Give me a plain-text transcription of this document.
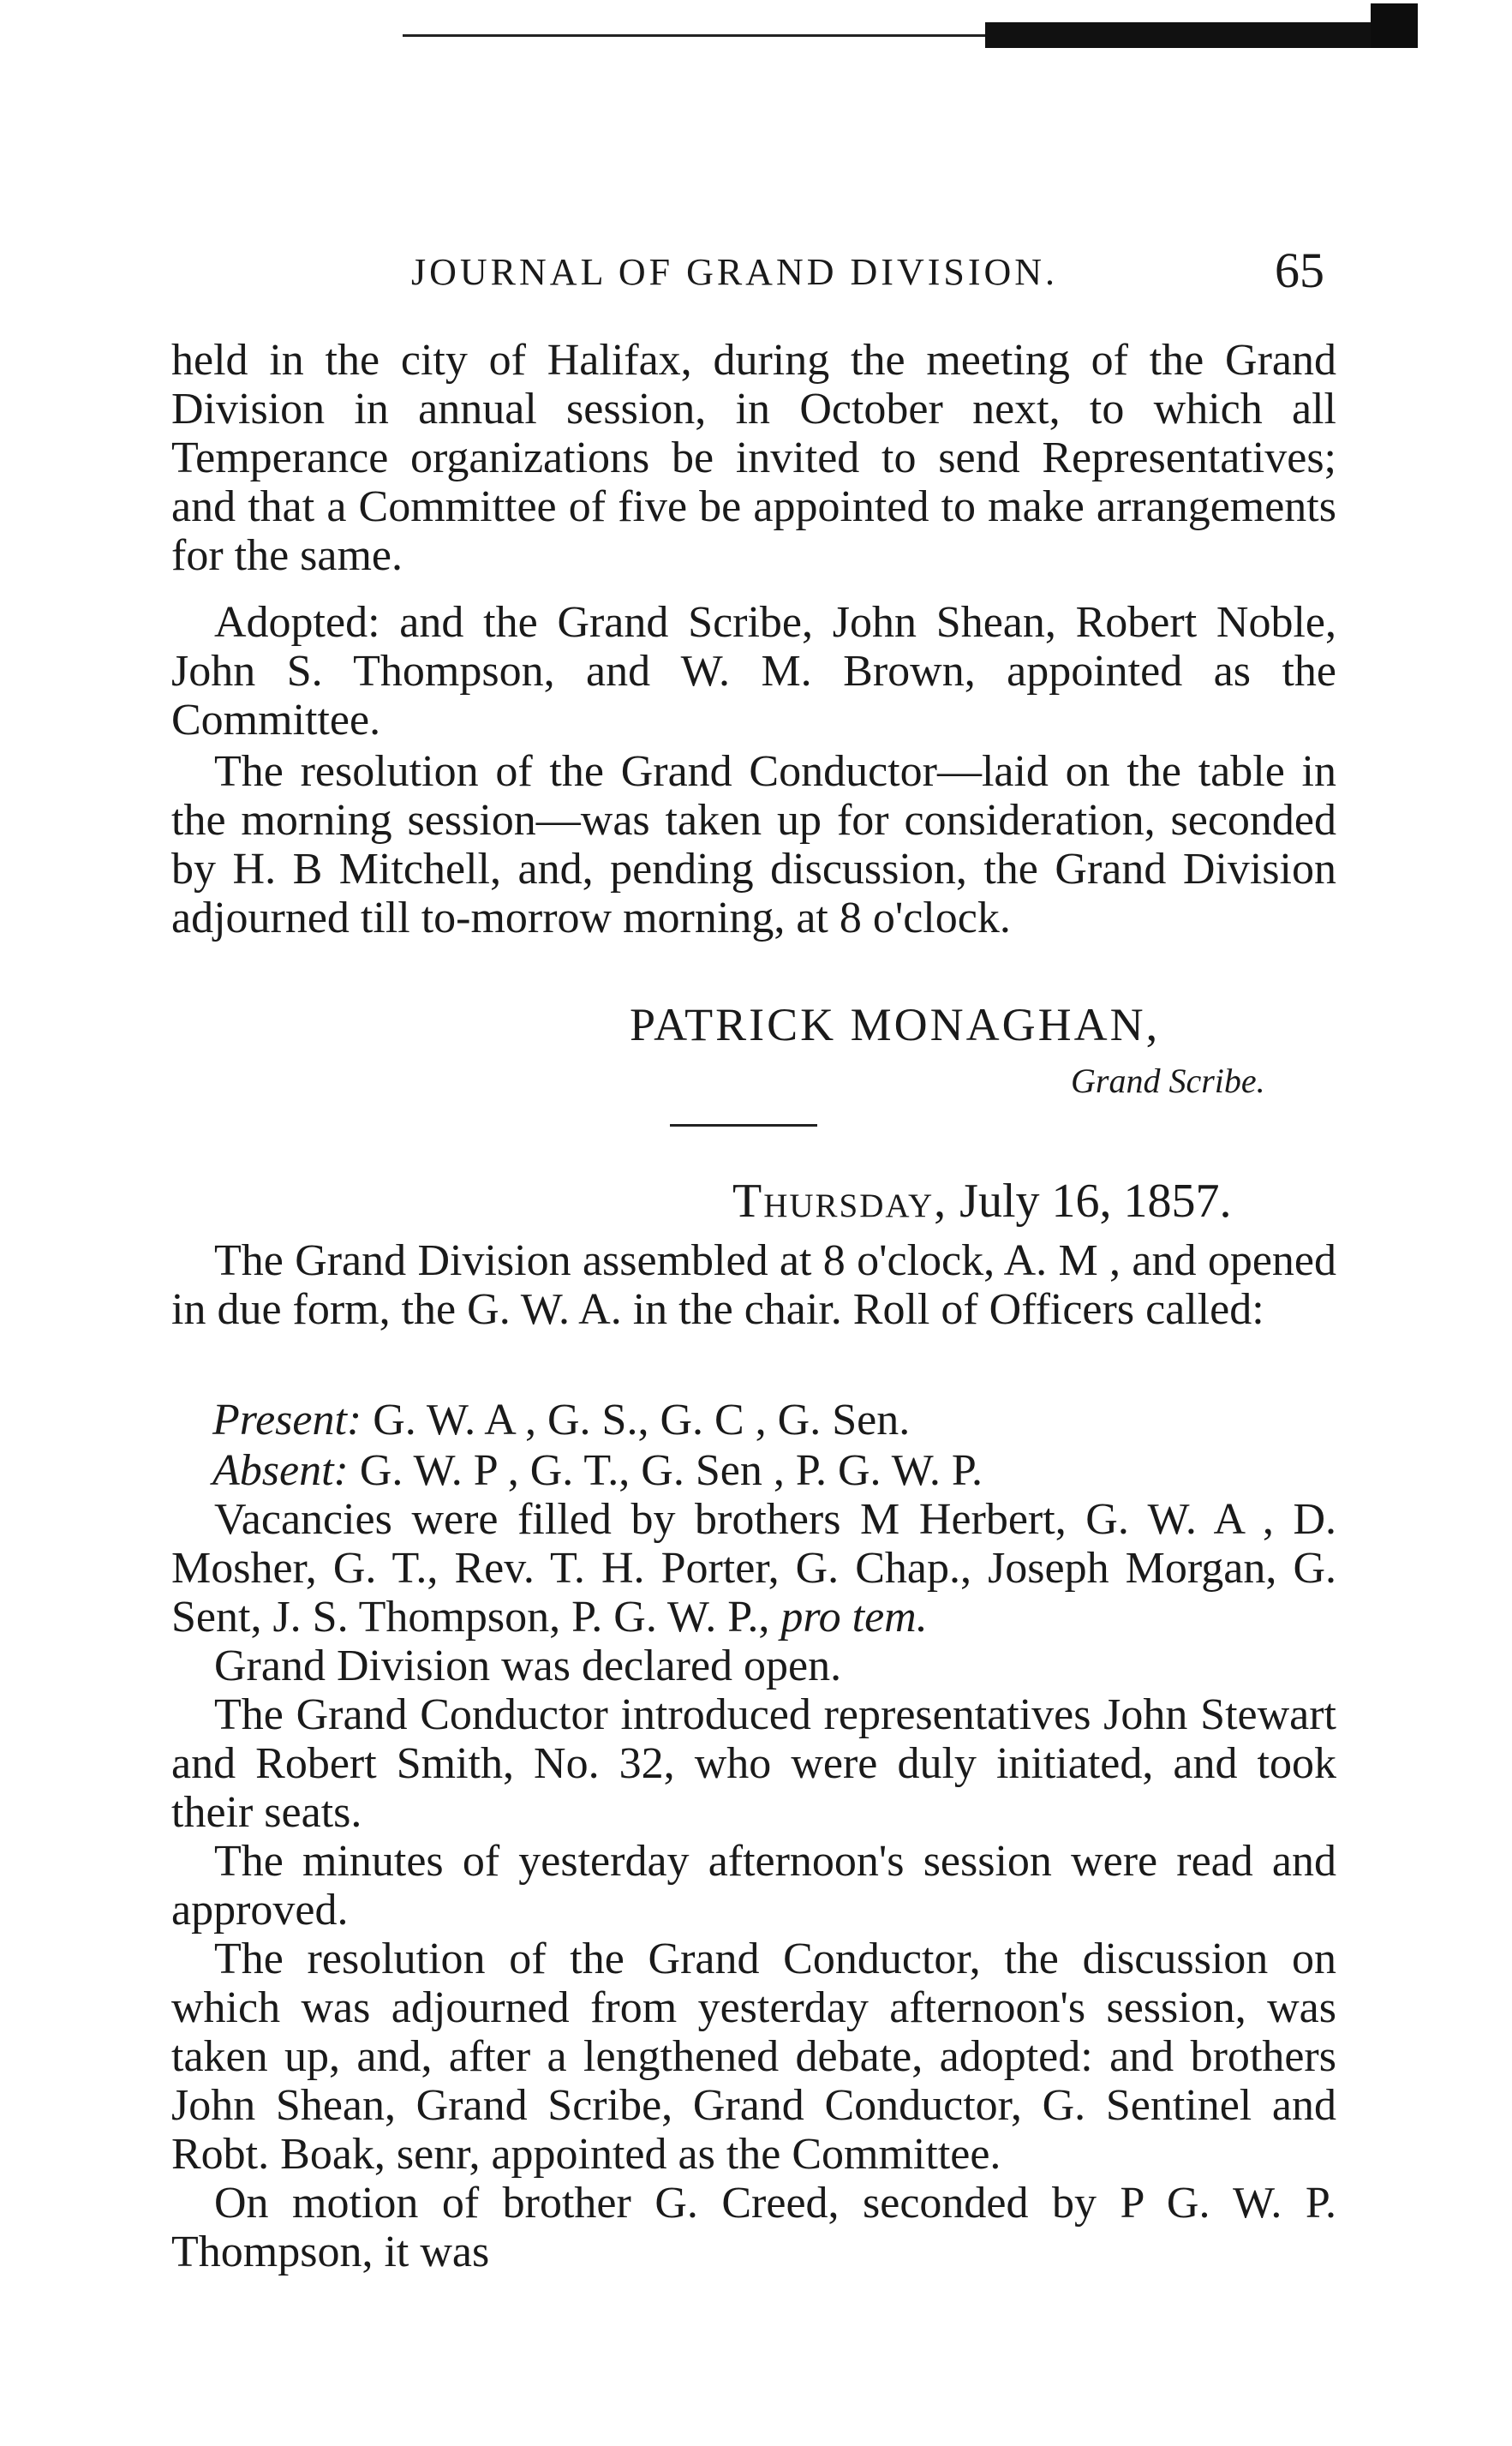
JOURNAL OF GRAND DIVISION.	65

held in the city of Halifax, during the meeting of the Grand Division in annual session, in October next, to which all Temperance organizations be invited to send Representatives; and that a Committee of five be appointed to make arrangements for the same.

Adopted: and the Grand Scribe, John Shean, Robert Noble, John S. Thompson, and W. M. Brown, appointed as the Committee.

The resolution of the Grand Conductor—laid on the table in the morning session—was taken up for consideration, seconded by H. B Mitchell, and, pending discussion, the Grand Division adjourned till to-morrow morning, at 8 o'clock.

PATRICK MONAGHAN,
Grand Scribe.
Thursday, July 16, 1857.

The Grand Division assembled at 8 o'clock, A. M , and opened in due form, the G. W. A. in the chair. Roll of Officers called:

Present: G. W. A , G. S., G. C , G. Sen.
Absent: G. W. P , G. T., G. Sen , P. G. W. P.

Vacancies were filled by brothers M Herbert, G. W. A , D. Mosher, G. T., Rev. T. H. Porter, G. Chap., Joseph Morgan, G. Sent, J. S. Thompson, P. G. W. P., pro tem.

Grand Division was declared open.

The Grand Conductor introduced representatives John Stewart and Robert Smith, No. 32, who were duly initiated, and took their seats.

The minutes of yesterday afternoon's session were read and approved.

The resolution of the Grand Conductor, the discussion on which was adjourned from yesterday afternoon's session, was taken up, and, after a lengthened debate, adopted: and brothers John Shean, Grand Scribe, Grand Conductor, G. Sentinel and Robt. Boak, senr, appointed as the Committee.

On motion of brother G. Creed, seconded by P G. W. P. Thompson, it was
